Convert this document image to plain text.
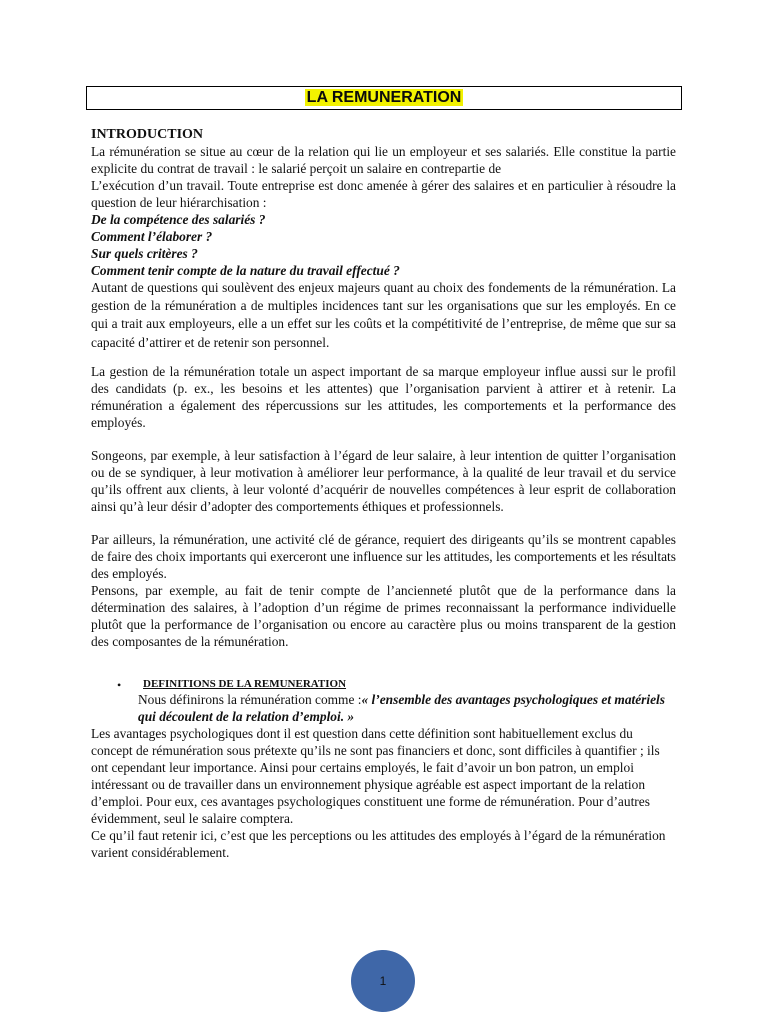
LA REMUNERATION

INTRODUCTION

La rémunération se situe au cœur de la relation qui lie un employeur et ses salariés. Elle constitue la partie explicite du contrat de travail : le salarié perçoit un salaire en contrepartie de

L’exécution d’un travail. Toute entreprise est donc amenée à gérer des salaires et en particulier à résoudre la question de leur hiérarchisation :

De la compétence des salariés ?

Comment l’élaborer ?

Sur quels critères ?

Comment tenir compte de la nature du travail effectué ?

Autant de questions qui soulèvent des enjeux majeurs quant au choix des fondements de la rémunération. La gestion de la rémunération a de multiples incidences tant sur les organisations que sur les employés. En ce qui a trait aux employeurs, elle a un effet sur les coûts et la compétitivité de l’entreprise, de même que sur sa capacité d’attirer et de retenir son personnel.

La gestion de la rémunération totale un aspect important de sa marque employeur influe aussi sur le profil des candidats (p. ex., les besoins et les attentes) que l’organisation parvient à attirer et à retenir. La rémunération a également des répercussions sur les attitudes, les comportements et la performance des employés.

Songeons, par exemple, à leur satisfaction à l’égard de leur salaire, à leur intention de quitter l’organisation ou de se syndiquer, à leur motivation à améliorer leur performance, à la qualité de leur travail et du service qu’ils offrent aux clients, à leur volonté d’acquérir de nouvelles compétences à leur esprit de collaboration ainsi qu’à leur désir d’adopter des comportements éthiques et professionnels.

Par ailleurs, la rémunération, une activité clé de gérance, requiert des dirigeants qu’ils se montrent capables de faire des choix importants qui exerceront une influence sur les attitudes, les comportements et les résultats des employés.

Pensons, par exemple, au fait de tenir compte de l’ancienneté plutôt que de la performance dans la détermination des salaires, à l’adoption d’un régime de primes reconnaissant la performance individuelle plutôt que la performance de l’organisation ou encore au caractère plus ou moins transparent de la gestion des composantes de la rémunération.

• DEFINITIONS DE LA REMUNERATION

Nous définirons la rémunération comme :« l’ensemble des avantages psychologiques et matériels qui découlent de la relation d’emploi. »

Les avantages psychologiques dont il est question dans cette définition sont habituellement exclus du concept de rémunération sous prétexte qu’ils ne sont pas financiers et donc, sont difficiles à quantifier ; ils ont cependant leur importance. Ainsi pour certains employés, le fait d’avoir un bon patron, un emploi intéressant ou de travailler dans un environnement physique agréable est aspect important de la relation d’emploi. Pour eux, ces avantages psychologiques constituent une forme de rémunération. Pour d’autres évidemment, seul le salaire comptera.

Ce qu’il faut retenir ici, c’est que les perceptions ou les attitudes des employés à l’égard de la rémunération varient considérablement.

1
